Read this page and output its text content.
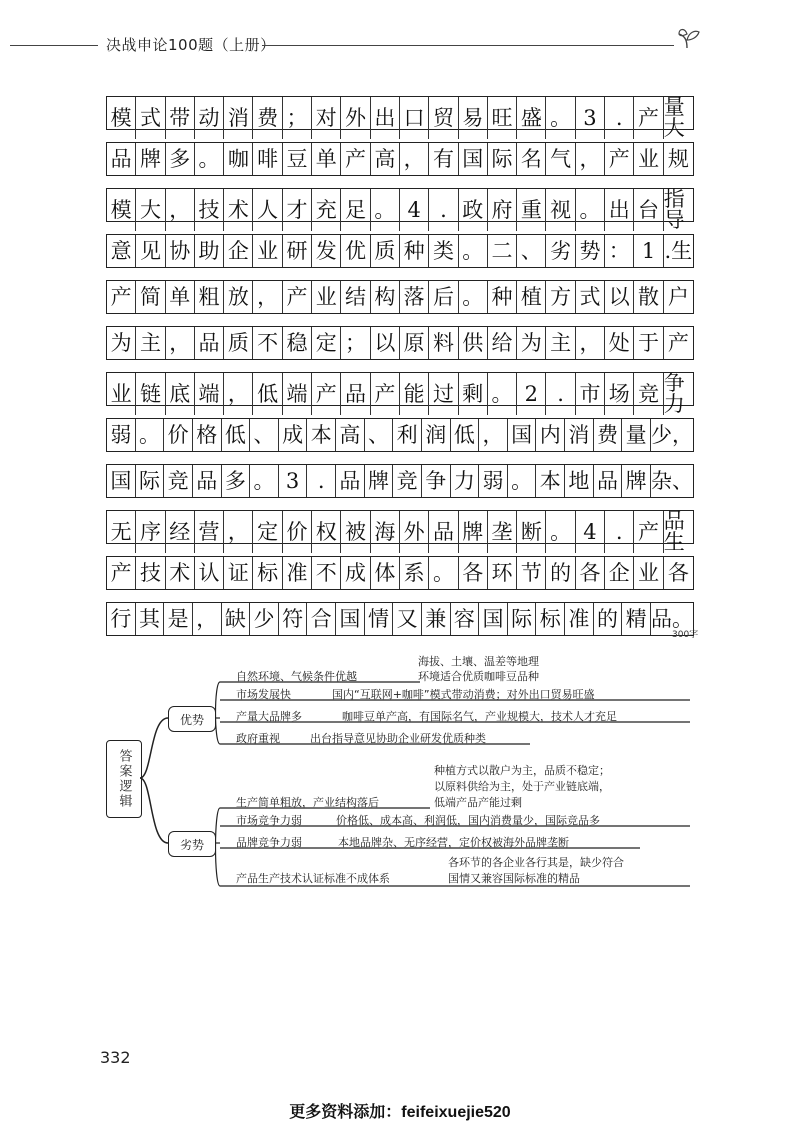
决战申论100题（上册）
模 式 带 动 消 费 ； 对 外 出 口 贸 易 旺 盛 。 3 . 产 量大
品 牌 多 。 咖 啡 豆 单 产 高 ， 有 国 际 名 气 ， 产 业 规
模 大 ， 技 术 人 才 充 足 。 4 . 政 府 重 视 。 出 台 指导
意 见 协 助 企 业 研 发 优 质 种 类 。 二 、 劣 势 ： 1 .生
产 简 单 粗 放 ， 产 业 结 构 落 后 。 种 植 方 式 以 散 户
为 主 ， 品 质 不 稳 定 ； 以 原 料 供 给 为 主 ， 处 于 产
业 链 底 端 ， 低 端 产 品 产 能 过 剩 。 2 . 市 场 竞 争力
弱 。 价 格 低 、 成 本 高 、 利 润 低 ， 国 内 消 费 量 少，
国 际 竞 品 多 。 3 . 品 牌 竞 争 力 弱 。 本 地 品 牌 杂、
无 序 经 营 ， 定 价 权 被 海 外 品 牌 垄 断 。 4 . 产 品生
产 技 术 认 证 标 准 不 成 体 系 。 各 环 节 的 各 企 业 各
行 其 是 ， 缺 少 符 合 国 情 又 兼 容 国 际 标 准 的 精 品。
300字
答案逻辑
优势
劣势
自然环境、气候条件优越
海拔、土壤、温差等地理
环境适合优质咖啡豆品种
市场发展快	国内“互联网+咖啡”模式带动消费；对外出口贸易旺盛
产量大品牌多	咖啡豆单产高，有国际名气，产业规模大，技术人才充足
政府重视	出台指导意见协助企业研发优质种类
种植方式以散户为主，品质不稳定；
以原料供给为主，处于产业链底端，
低端产品产能过剩
生产简单粗放，产业结构落后
市场竞争力弱	价格低、成本高、利润低，国内消费量少，国际竞品多
品牌竞争力弱	本地品牌杂、无序经营，定价权被海外品牌垄断
各环节的各企业各行其是，缺少符合
国情又兼容国际标准的精品
产品生产技术认证标准不成体系
332
更多资料添加：feifeixuejie520
